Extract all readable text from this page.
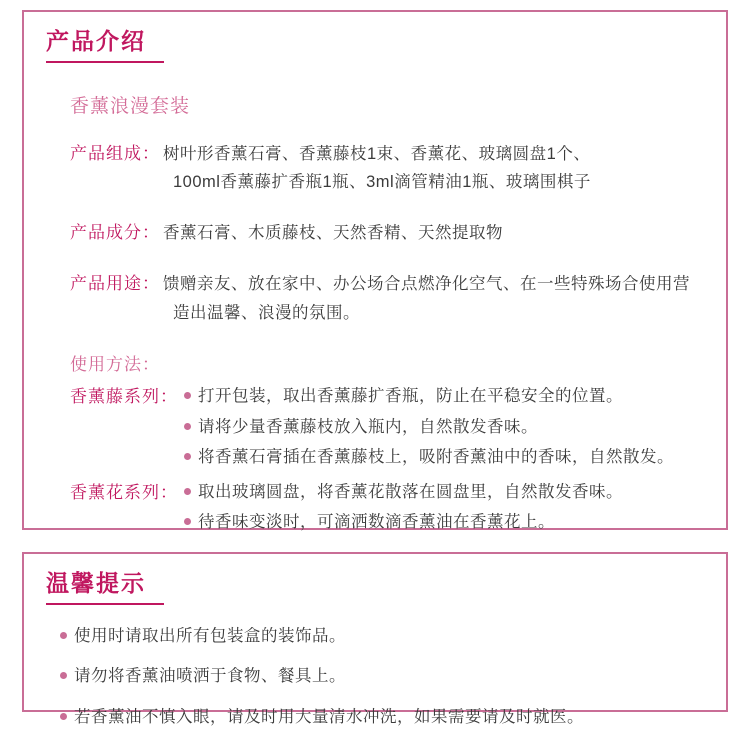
产品介绍
香薰浪漫套装
产品组成 ： 树叶形香薰石膏、香薰藤枝1束、香薰花、玻璃圆盘1个、
100ml香薰藤扩香瓶1瓶、3ml滴管精油1瓶、玻璃围棋子
产品成分 ： 香薰石膏、木质藤枝、天然香精、天然提取物
产品用途 ： 馈赠亲友、放在家中、办公场合点燃净化空气、在一些特殊场合使用营
造出温馨、浪漫的氛围。
使用方法：
香薰藤系列 ： 打开包装，取出香薰藤扩香瓶，防止在平稳安全的位置。
请将少量香薰藤枝放入瓶内，自然散发香味。
将香薰石膏插在香薰藤枝上，吸附香薰油中的香味，自然散发。
香薰花系列 ： 取出玻璃圆盘，将香薰花散落在圆盘里，自然散发香味。
待香味变淡时，可滴洒数滴香薰油在香薰花上。
温馨提示
使用时请取出所有包装盒的装饰品。
请勿将香薰油喷洒于食物、餐具上。
若香薰油不慎入眼，请及时用大量清水冲洗，如果需要请及时就医。
